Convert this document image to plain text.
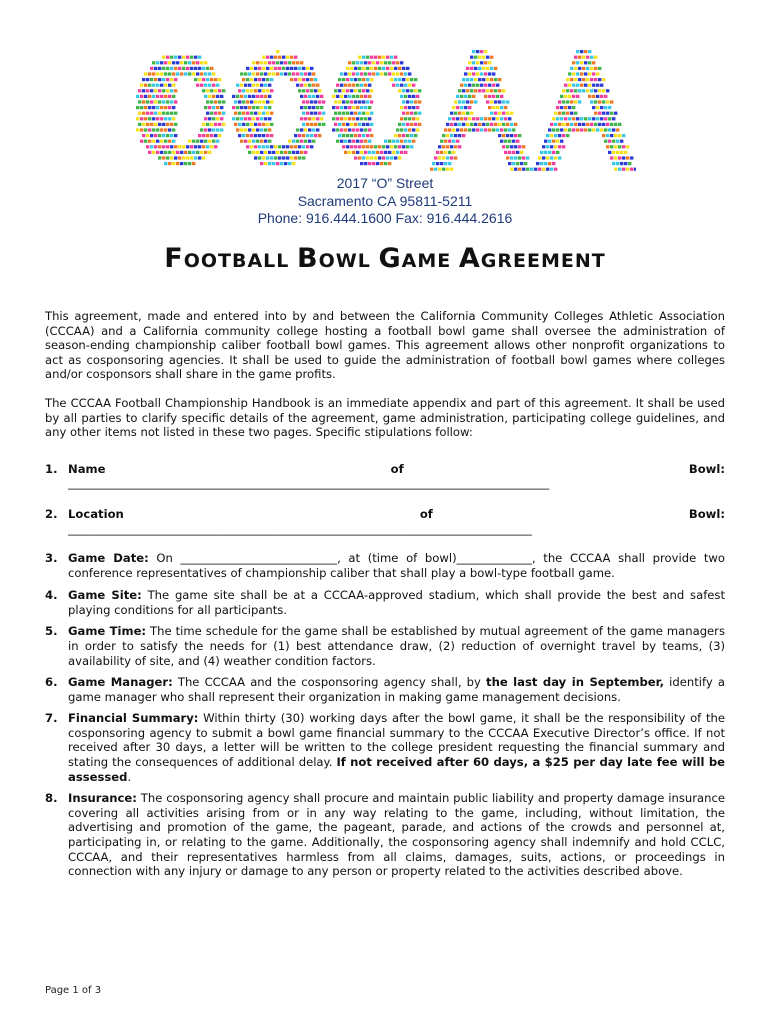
2017 “O” Street
Sacramento CA 95811-5211
Phone: 916.444.1600 Fax: 916.444.2616
FOOTBALL BOWL GAME AGREEMENT

This agreement, made and entered into by and between the California Community Colleges Athletic Association (CCCAA) and a California community college hosting a football bowl game shall oversee the administration of season-ending championship caliber football bowl games. This agreement allows other nonprofit organizations to act as cosponsoring agencies. It shall be used to guide the administration of football bowl games where colleges and/or cosponsors shall share in the game profits.

The CCCAA Football Championship Handbook is an immediate appendix and part of this agreement. It shall be used by all parties to clarify specific details of the agreement, game administration, participating college guidelines, and any other items not listed in these two pages. Specific stipulations follow:

1. Name	of	Bowl:
___________________________________________________________________________________
2. Location	of	Bowl:
________________________________________________________________________________
3. Game Date: On ___________________________, at (time of bowl)_____________, the CCCAA shall provide two conference representatives of championship caliber that shall play a bowl-type football game.
4. Game Site: The game site shall be at a CCCAA-approved stadium, which shall provide the best and safest playing conditions for all participants.
5. Game Time: The time schedule for the game shall be established by mutual agreement of the game managers in order to satisfy the needs for (1) best attendance draw, (2) reduction of overnight travel by teams, (3) availability of site, and (4) weather condition factors.
6. Game Manager: The CCCAA and the cosponsoring agency shall, by the last day in September, identify a game manager who shall represent their organization in making game management decisions.
7. Financial Summary: Within thirty (30) working days after the bowl game, it shall be the responsibility of the cosponsoring agency to submit a bowl game financial summary to the CCCAA Executive Director’s office. If not received after 30 days, a letter will be written to the college president requesting the financial summary and stating the consequences of additional delay. If not received after 60 days, a $25 per day late fee will be assessed.
8. Insurance: The cosponsoring agency shall procure and maintain public liability and property damage insurance covering all activities arising from or in any way relating to the game, including, without limitation, the advertising and promotion of the game, the pageant, parade, and actions of the crowds and personnel at, participating in, or relating to the game. Additionally, the cosponsoring agency shall indemnify and hold CCLC, CCCAA, and their representatives harmless from all claims, damages, suits, actions, or proceedings in connection with any injury or damage to any person or property related to the activities described above.
Page 1 of 3
